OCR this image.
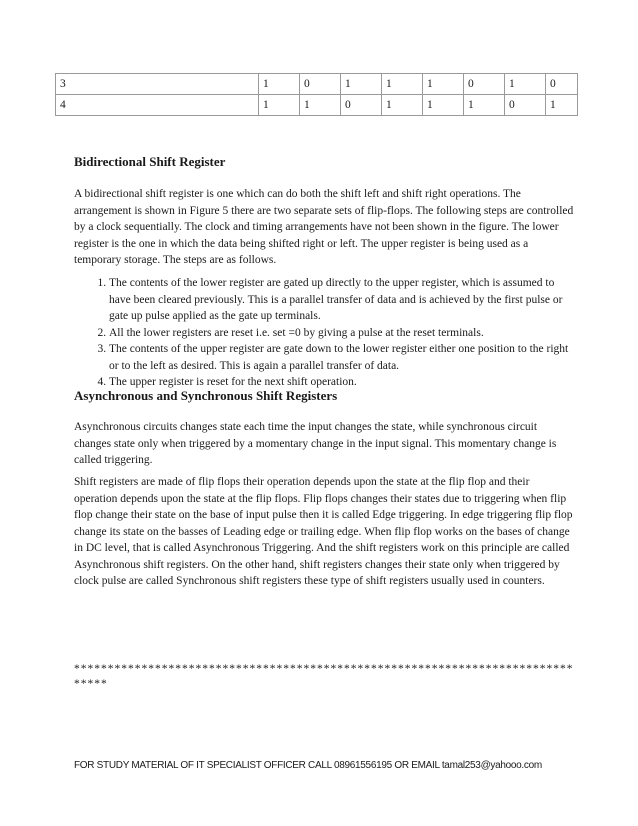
3	1	0	1	1	1	0	1	0
4	1	1	0	1	1	1	0	1
Bidirectional Shift Register

A bidirectional shift register is one which can do both the shift left and shift right operations. The arrangement is shown in Figure 5 there are two separate sets of flip-flops. The following steps are controlled by a clock sequentially. The clock and timing arrangements have not been shown in the figure. The lower register is the one in which the data being shifted right or left. The upper register is being used as a temporary storage. The steps are as follows.

1. The contents of the lower register are gated up directly to the upper register, which is assumed to have been cleared previously. This is a parallel transfer of data and is achieved by the first pulse or gate up pulse applied as the gate up terminals.
2. All the lower registers are reset i.e. set =0 by giving a pulse at the reset terminals.
3. The contents of the upper register are gate down to the lower register either one position to the right or to the left as desired. This is again a parallel transfer of data.
4. The upper register is reset for the next shift operation.
Asynchronous and Synchronous Shift Registers

Asynchronous circuits changes state each time the input changes the state, while synchronous circuit changes state only when triggered by a momentary change in the input signal. This momentary change is called triggering.

Shift registers are made of flip flops their operation depends upon the state at the flip flop and their operation depends upon the state at the flip flops. Flip flops changes their states due to triggering when flip flop change their state on the base of input pulse then it is called Edge triggering. In edge triggering flip flop change its state on the basses of Leading edge or trailing edge. When flip flop works on the bases of change in DC level, that is called Asynchronous Triggering. And the shift registers work on this principle are called Asynchronous shift registers. On the other hand, shift registers changes their state only when triggered by clock pulse are called Synchronous shift registers these type of shift registers usually used in counters.

*******************************************************************************

FOR STUDY MATERIAL OF IT SPECIALIST OFFICER CALL 08961556195 OR EMAIL tamal253@yahooo.com
